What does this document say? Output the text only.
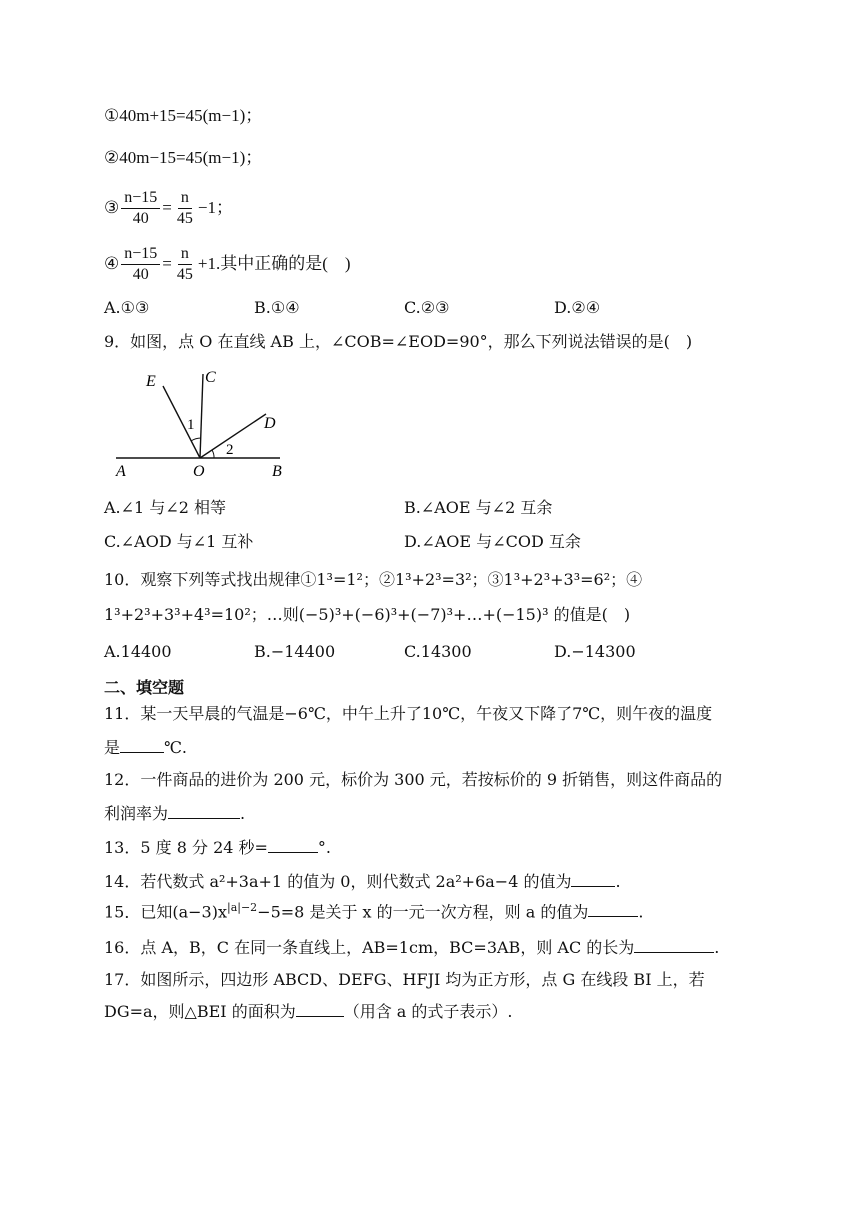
①40m+15=45(m−1)；
②40m−15=45(m−1)；
③ $\frac{n-15}{40} = \frac{n}{45} -1$；
④ $\frac{n-15}{40} = \frac{n}{45} +1$.其中正确的是(　)
A.①③	B.①④	C.②③	D.②④
9．如图，点 O 在直线 AB 上，∠COB=∠EOD=90°，那么下列说法错误的是(　)
E	C
D
1
2
A	O	B
A.∠1 与∠2 相等	B.∠AOE 与∠2 互余
C.∠AOD 与∠1 互补	D.∠AOE 与∠COD 互余
10．观察下列等式找出规律①1³=1²；②1³+2³=3²；③1³+2³+3³=6²；④
1³+2³+3³+4³=10²；…则(−5)³+(−6)³+(−7)³+…+(−15)³ 的值是(　)
A.14400	B.−14400	C.14300	D.−14300
二、填空题
11．某一天早晨的气温是−6℃，中午上升了10℃，午夜又下降了7℃，则午夜的温度
是	℃.
12．一件商品的进价为 200 元，标价为 300 元，若按标价的 9 折销售，则这件商品的
利润率为	.
13．5 度 8 分 24 秒=	°.
14．若代数式 a²+3a+1 的值为 0，则代数式 2a²+6a−4 的值为	.
15．已知$(a-3)x^{|a|-2}-5=8$ 是关于 x 的一元一次方程，则 a 的值为	.
16．点 A，B，C 在同一条直线上，AB=1cm，BC=3AB，则 AC 的长为	.
17．如图所示，四边形 ABCD、DEFG、HFJI 均为正方形，点 G 在线段 BI 上，若
DG=a，则△BEI 的面积为	（用含 a 的式子表示）.
